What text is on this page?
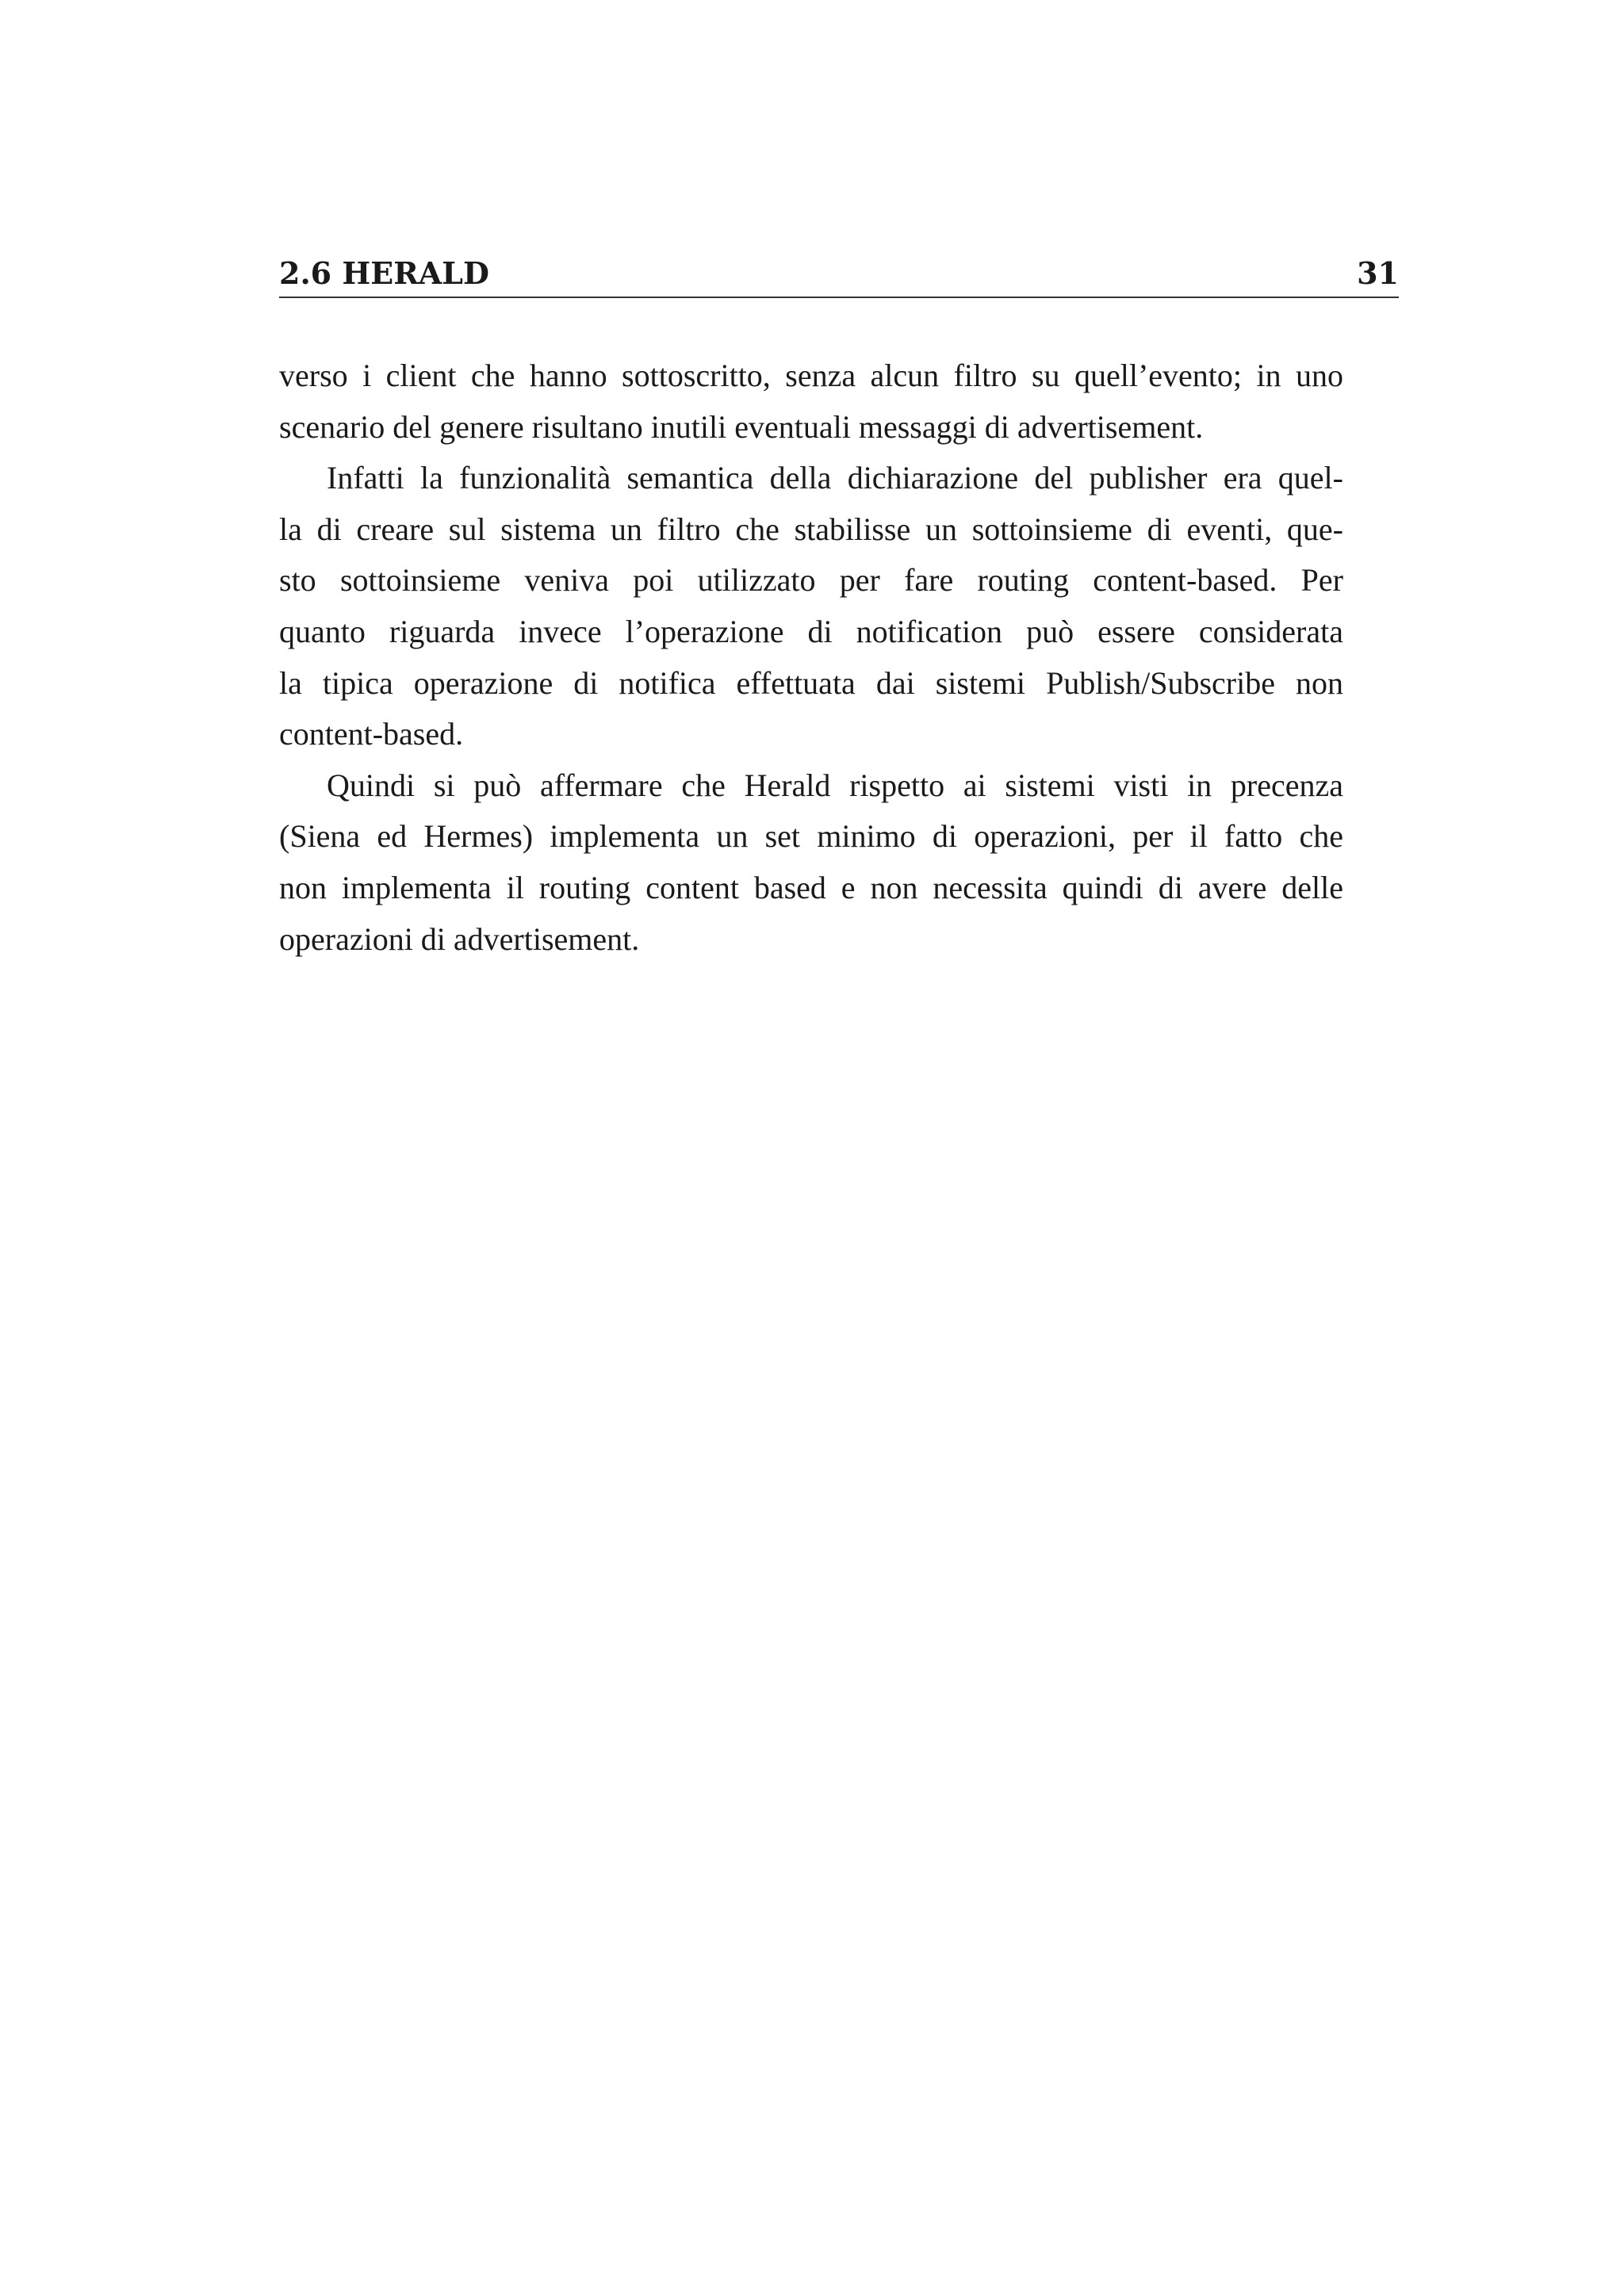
2.6 HERALD	31
verso i client che hanno sottoscritto, senza alcun filtro su quell’evento; in uno
scenario del genere risultano inutili eventuali messaggi di advertisement.
Infatti la funzionalità semantica della dichiarazione del publisher era quel-
la di creare sul sistema un filtro che stabilisse un sottoinsieme di eventi, que-
sto sottoinsieme veniva poi utilizzato per fare routing content-based. Per
quanto riguarda invece l’operazione di notification può essere considerata
la tipica operazione di notifica effettuata dai sistemi Publish/Subscribe non
content-based.
Quindi si può affermare che Herald rispetto ai sistemi visti in precenza
(Siena ed Hermes) implementa un set minimo di operazioni, per il fatto che
non implementa il routing content based e non necessita quindi di avere delle
operazioni di advertisement.
